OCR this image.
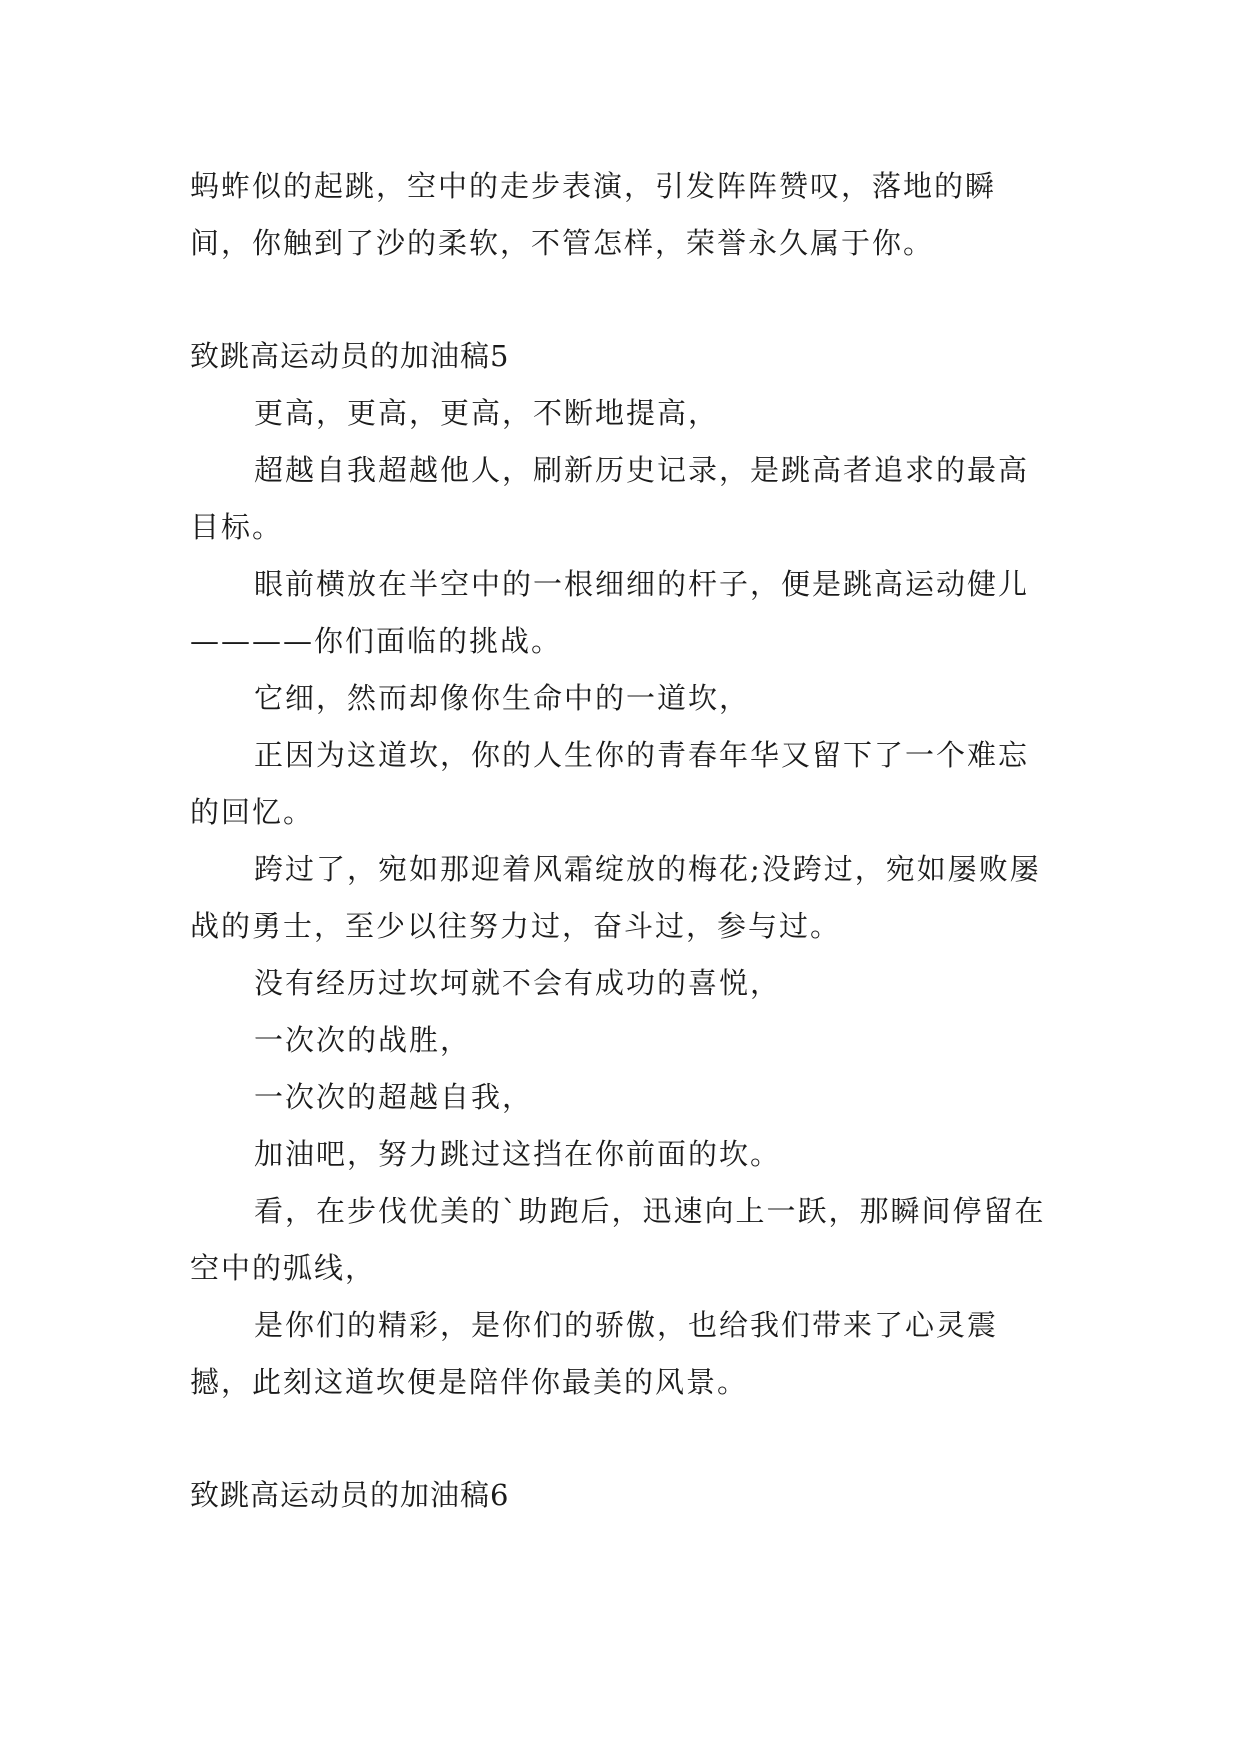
蚂蚱似的起跳，空中的走步表演，引发阵阵赞叹，落地的瞬间，你触到了沙的柔软，不管怎样，荣誉永久属于你。

致跳高运动员的加油稿5

更高，更高，更高，不断地提高，

超越自我超越他人，刷新历史记录，是跳高者追求的最高目标。

眼前横放在半空中的一根细细的杆子，便是跳高运动健儿————你们面临的挑战。

它细，然而却像你生命中的一道坎，

正因为这道坎，你的人生你的青春年华又留下了一个难忘的回忆。

跨过了，宛如那迎着风霜绽放的梅花;没跨过，宛如屡败屡战的勇士，至少以往努力过，奋斗过，参与过。

没有经历过坎坷就不会有成功的喜悦，

一次次的战胜，

一次次的超越自我，

加油吧，努力跳过这挡在你前面的坎。

看，在步伐优美的`助跑后，迅速向上一跃，那瞬间停留在空中的弧线，

是你们的精彩，是你们的骄傲，也给我们带来了心灵震撼，此刻这道坎便是陪伴你最美的风景。

致跳高运动员的加油稿6
